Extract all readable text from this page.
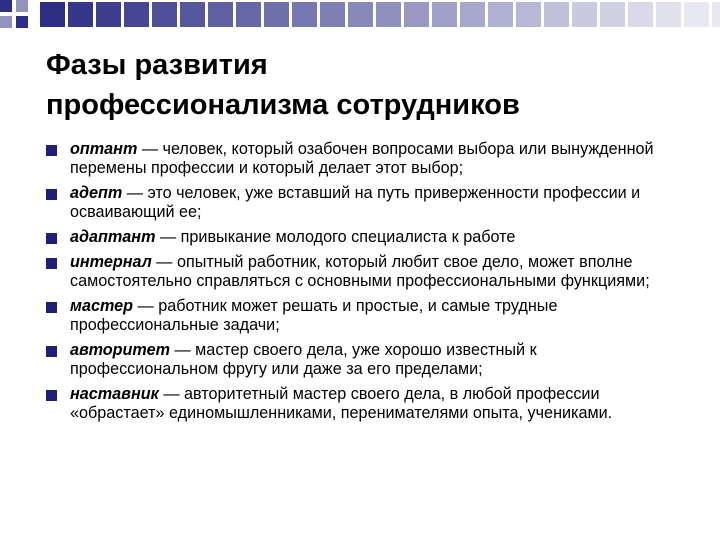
Фазы развития
профессионализма сотрудников
оптант — человек, который озабочен вопросами выбора или вынужденной перемены профессии и который делает этот выбор;
адепт — это человек, уже вставший на путь приверженности профессии и осваивающий ее;
адаптант — привыкание молодого специалиста к работе
интернал — опытный работник, который любит свое дело, может вполне самостоятельно справляться с основными профессиональными функциями;
мастер — работник может решать и простые, и самые трудные профессиональные задачи;
авторитет — мастер своего дела, уже хорошо известный к профессиональном фругу или даже за его пределами;
наставник — авторитетный мастер своего дела, в любой профессии «обрастает» единомышленниками, перенимателями опыта, учениками.
